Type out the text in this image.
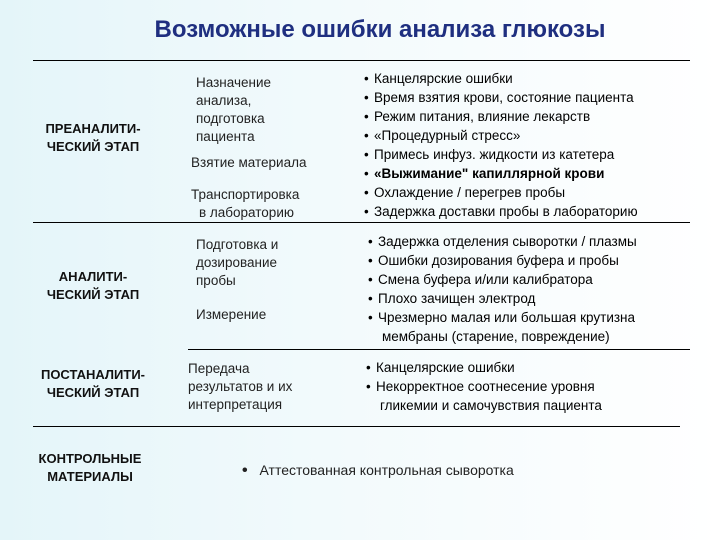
Возможные ошибки анализа глюкозы
ПРЕАНАЛИТИ-
ЧЕСКИЙ ЭТАП
АНАЛИТИ-
ЧЕСКИЙ ЭТАП
ПОСТАНАЛИТИ-
ЧЕСКИЙ ЭТАП
КОНТРОЛЬНЫЕ
МАТЕРИАЛЫ
Назначение
анализа,
подготовка
пациента
Взятие материала
Транспортировка
в лабораторию
Подготовка и
дозирование
пробы
Измерение
Передача
результатов и их
интерпретация
• Канцелярские ошибки
• Время взятия крови, состояние пациента
• Режим питания, влияние лекарств
• «Процедурный стресс»
• Примесь инфуз. жидкости из катетера
• «Выжимание" капиллярной крови
• Охлаждение / перегрев пробы
• Задержка доставки пробы в лабораторию
• Задержка отделения сыворотки / плазмы
• Ошибки дозирования буфера и пробы
• Смена буфера и/или калибратора
• Плохо зачищен электрод
• Чрезмерно малая или большая крутизна
мембраны (старение, повреждение)
• Канцелярские ошибки
• Некорректное соотнесение уровня
гликемии и самочувствия пациента
• Аттестованная контрольная сыворотка
